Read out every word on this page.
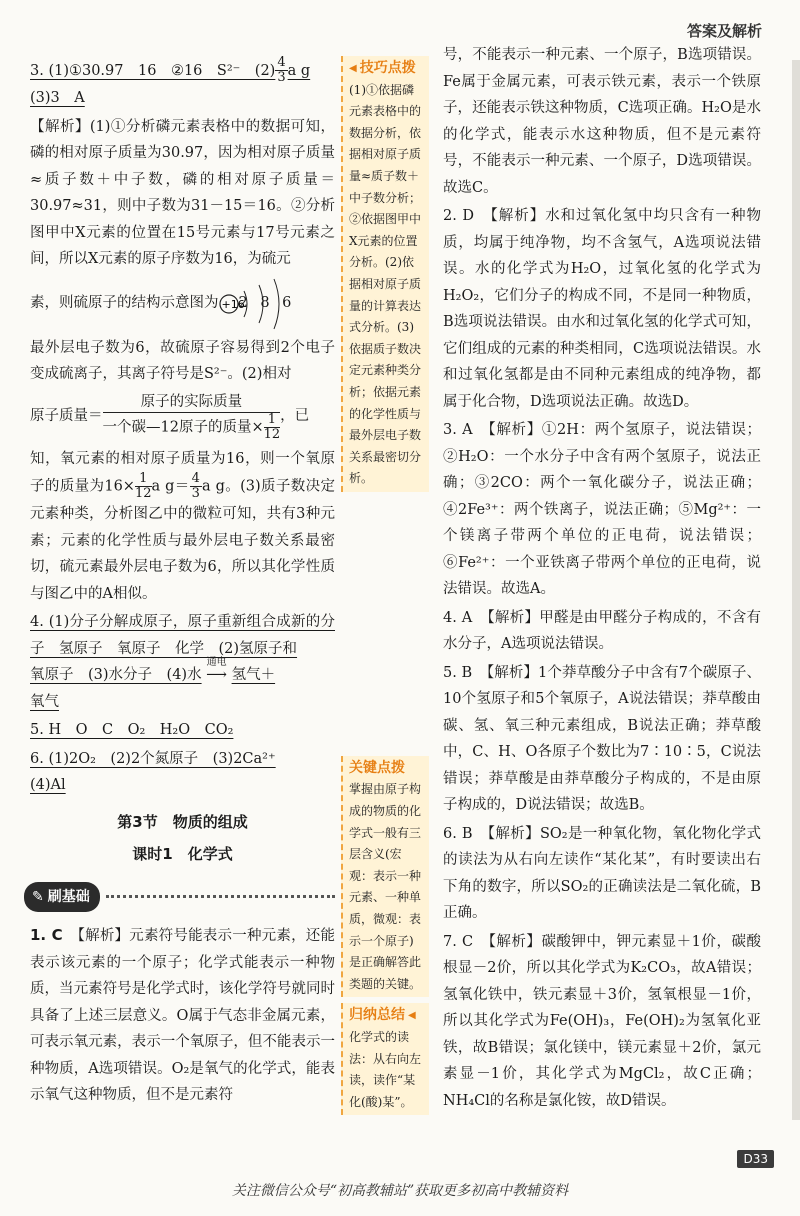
答案及解析
3. (1)①30.97　16　②16　S²⁻　$(2) \frac{4}{3}$ a g
(3)3　A
【解析】(1)①分析磷元素表格中的数据可知，磷的相对原子质量为30.97，因为相对原子质量≈质子数＋中子数，磷的相对原子质量＝30.97≈31，则中子数为31－15＝16。②分析图甲中X元素的位置在15号元素与17号元素之间，所以X元素的原子序数为16，为硫元
素，则硫原子的结构示意图为 +16
2 8 6
最外层电子数为6，故硫原子容易得到2个电子变成硫离子，其离子符号是S²⁻。(2)相对
原子质量＝ $\frac{\text{原子的实际质量}}{一个碳—12原子的质量\times \frac{1}{12}}$ ，已
知，氧元素的相对原子质量为16，则一个氧原子的质量为$16\times \frac{1}{12}$ a $g= \frac{4}{3}$ a g。(3)质子数决定元素种类，分析图乙中的微粒可知，共有3种元素；元素的化学性质与最外层电子数关系最密切，硫元素最外层电子数为6，所以其化学性质与图乙中的A相似。
4. (1)分子分解成原子，原子重新组合成新的分子　氢原子　氧原子　化学　(2)氢原子和
氧原子　(3)水分子　(4)水
通电
⟶ 氢气＋
氧气
5. H　O　C　O₂　H₂O　CO₂
6. (1)2O₂　(2)2个氮原子　(3)2Ca²⁺
(4)Al
第3节　物质的组成
课时1　化学式
✎ 刷基础
1. C 【解析】元素符号能表示一种元素，还能表示该元素的一个原子；化学式能表示一种物质，当元素符号是化学式时，该化学符号就同时具备了上述三层意义。O属于气态非金属元素，可表示氧元素，表示一个氧原子，但不能表示一种物质，A选项错误。O₂是氧气的化学式，能表示氧气这种物质，但不是元素符
◀ 技巧点拨
(1)①依据磷元素表格中的数据分析，依据相对原子质量≈质子数＋中子数分析；②依据图甲中X元素的位置分析。(2)依据相对原子质量的计算表达式分析。(3)依据质子数决定元素种类分析；依据元素的化学性质与最外层电子数关系最密切分析。
关键点拨
掌握由原子构成的物质的化学式一般有三层含义(宏观：表示一种元素、一种单质，微观：表示一个原子)是正确解答此类题的关键。
归纳总结 ◀
化学式的读法：从右向左读，读作“某化(酸)某”。
号，不能表示一种元素、一个原子，B选项错误。Fe属于金属元素，可表示铁元素，表示一个铁原子，还能表示铁这种物质，C选项正确。H₂O是水的化学式，能表示水这种物质，但不是元素符号，不能表示一种元素、一个原子，D选项错误。故选C。
2. D　【解析】水和过氧化氢中均只含有一种物质，均属于纯净物，均不含氢气，A选项说法错误。水的化学式为H₂O，过氧化氢的化学式为H₂O₂，它们分子的构成不同，不是同一种物质，B选项说法错误。由水和过氧化氢的化学式可知，它们组成的元素的种类相同，C选项说法错误。水和过氧化氢都是由不同种元素组成的纯净物，都属于化合物，D选项说法正确。故选D。
3. A　【解析】①2H：两个氢原子，说法错误；②H₂O：一个水分子中含有两个氢原子，说法正确；③2CO：两个一氧化碳分子，说法正确；④2Fe³⁺：两个铁离子，说法正确；⑤Mg²⁺：一个镁离子带两个单位的正电荷，说法错误；⑥Fe²⁺：一个亚铁离子带两个单位的正电荷，说法错误。故选A。
4. A　【解析】甲醛是由甲醛分子构成的，不含有水分子，A选项说法错误。
5. B　【解析】1个莽草酸分子中含有7个碳原子、10个氢原子和5个氧原子，A说法错误；莽草酸由碳、氢、氧三种元素组成，B说法正确；莽草酸中，C、H、O各原子个数比为7∶10∶5，C说法错误；莽草酸是由莽草酸分子构成的，不是由原子构成的，D说法错误；故选B。
6. B　【解析】SO₂是一种氧化物，氧化物化学式的读法为从右向左读作“某化某”，有时要读出右下角的数字，所以SO₂的正确读法是二氧化硫，B正确。
7. C　【解析】碳酸钾中，钾元素显＋1价，碳酸根显－2价，所以其化学式为K₂CO₃，故A错误；氢氧化铁中，铁元素显＋3价，氢氧根显－1价，所以其化学式为Fe(OH)₃，Fe(OH)₂为氢氧化亚铁，故B错误；氯化镁中，镁元素显＋2价，氯元素显－1价，其化学式为MgCl₂，故C正确；NH₄Cl的名称是氯化铵，故D错误。
D33
关注微信公众号“初高教辅站”获取更多初高中教辅资料
